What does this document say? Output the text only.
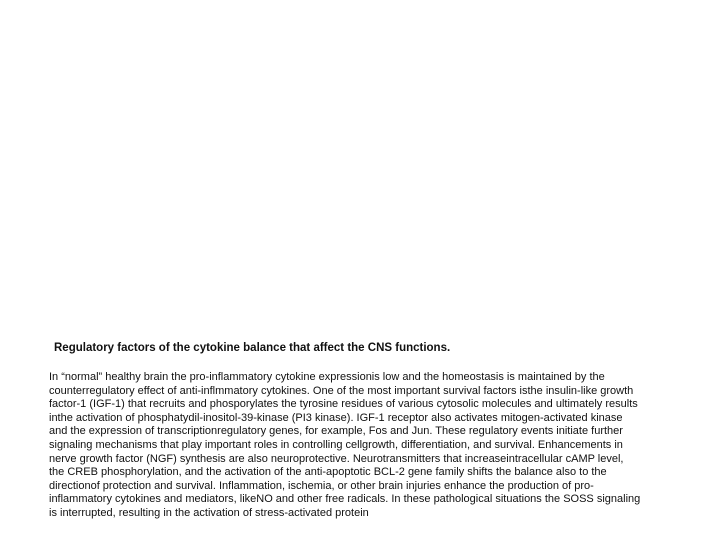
Regulatory factors of the cytokine balance that affect the CNS functions.
In “normal” healthy brain the pro-inflammatory cytokine expressionis low and the homeostasis is maintained by the
counterregulatory effect of anti-inflmmatory cytokines. One of the most important survival factors isthe insulin-like growth
factor-1 (IGF-1) that recruits and phosporylates the tyrosine residues of various cytosolic molecules and ultimately results
inthe activation of phosphatydil-inositol-39-kinase (PI3 kinase). IGF-1 receptor also activates mitogen-activated kinase
and the expression of transcriptionregulatory genes, for example, Fos and Jun. These regulatory events initiate further
signaling mechanisms that play important roles in controlling cellgrowth, differentiation, and survival. Enhancements in
nerve growth factor (NGF) synthesis are also neuroprotective. Neurotransmitters that increaseintracellular cAMP level,
the CREB phosphorylation, and the activation of the anti-apoptotic BCL-2 gene family shifts the balance also to the
directionof protection and survival. Inflammation, ischemia, or other brain injuries enhance the production of pro-
inflammatory cytokines and mediators, likeNO and other free radicals. In these pathological situations the SOSS signaling
is interrupted, resulting in the activation of stress-activated protein
